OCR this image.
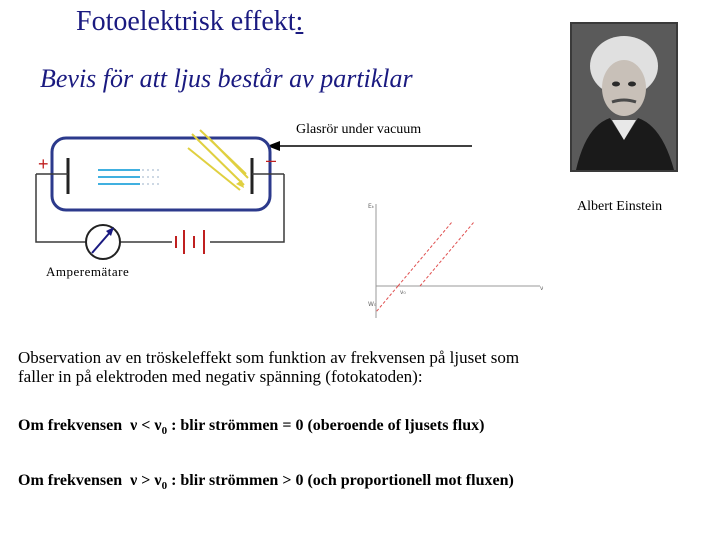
Fotoelektrisk effekt:
Bevis för att ljus består av partiklar
+	–
Eₖ
W₀
ν₀
ν
Glasrör under vacuum
Albert Einstein
Amperemätare
Observation av en tröskeleffekt som funktion av frekvensen på ljuset som
faller in på elektroden med negativ spänning (fotokatoden):
Om frekvensen $\nu < \nu_0$ : blir strömmen = 0 (oberoende of ljusets flux)
Om frekvensen $\nu > \nu_0$ : blir strömmen > 0 (och proportionell mot fluxen)
